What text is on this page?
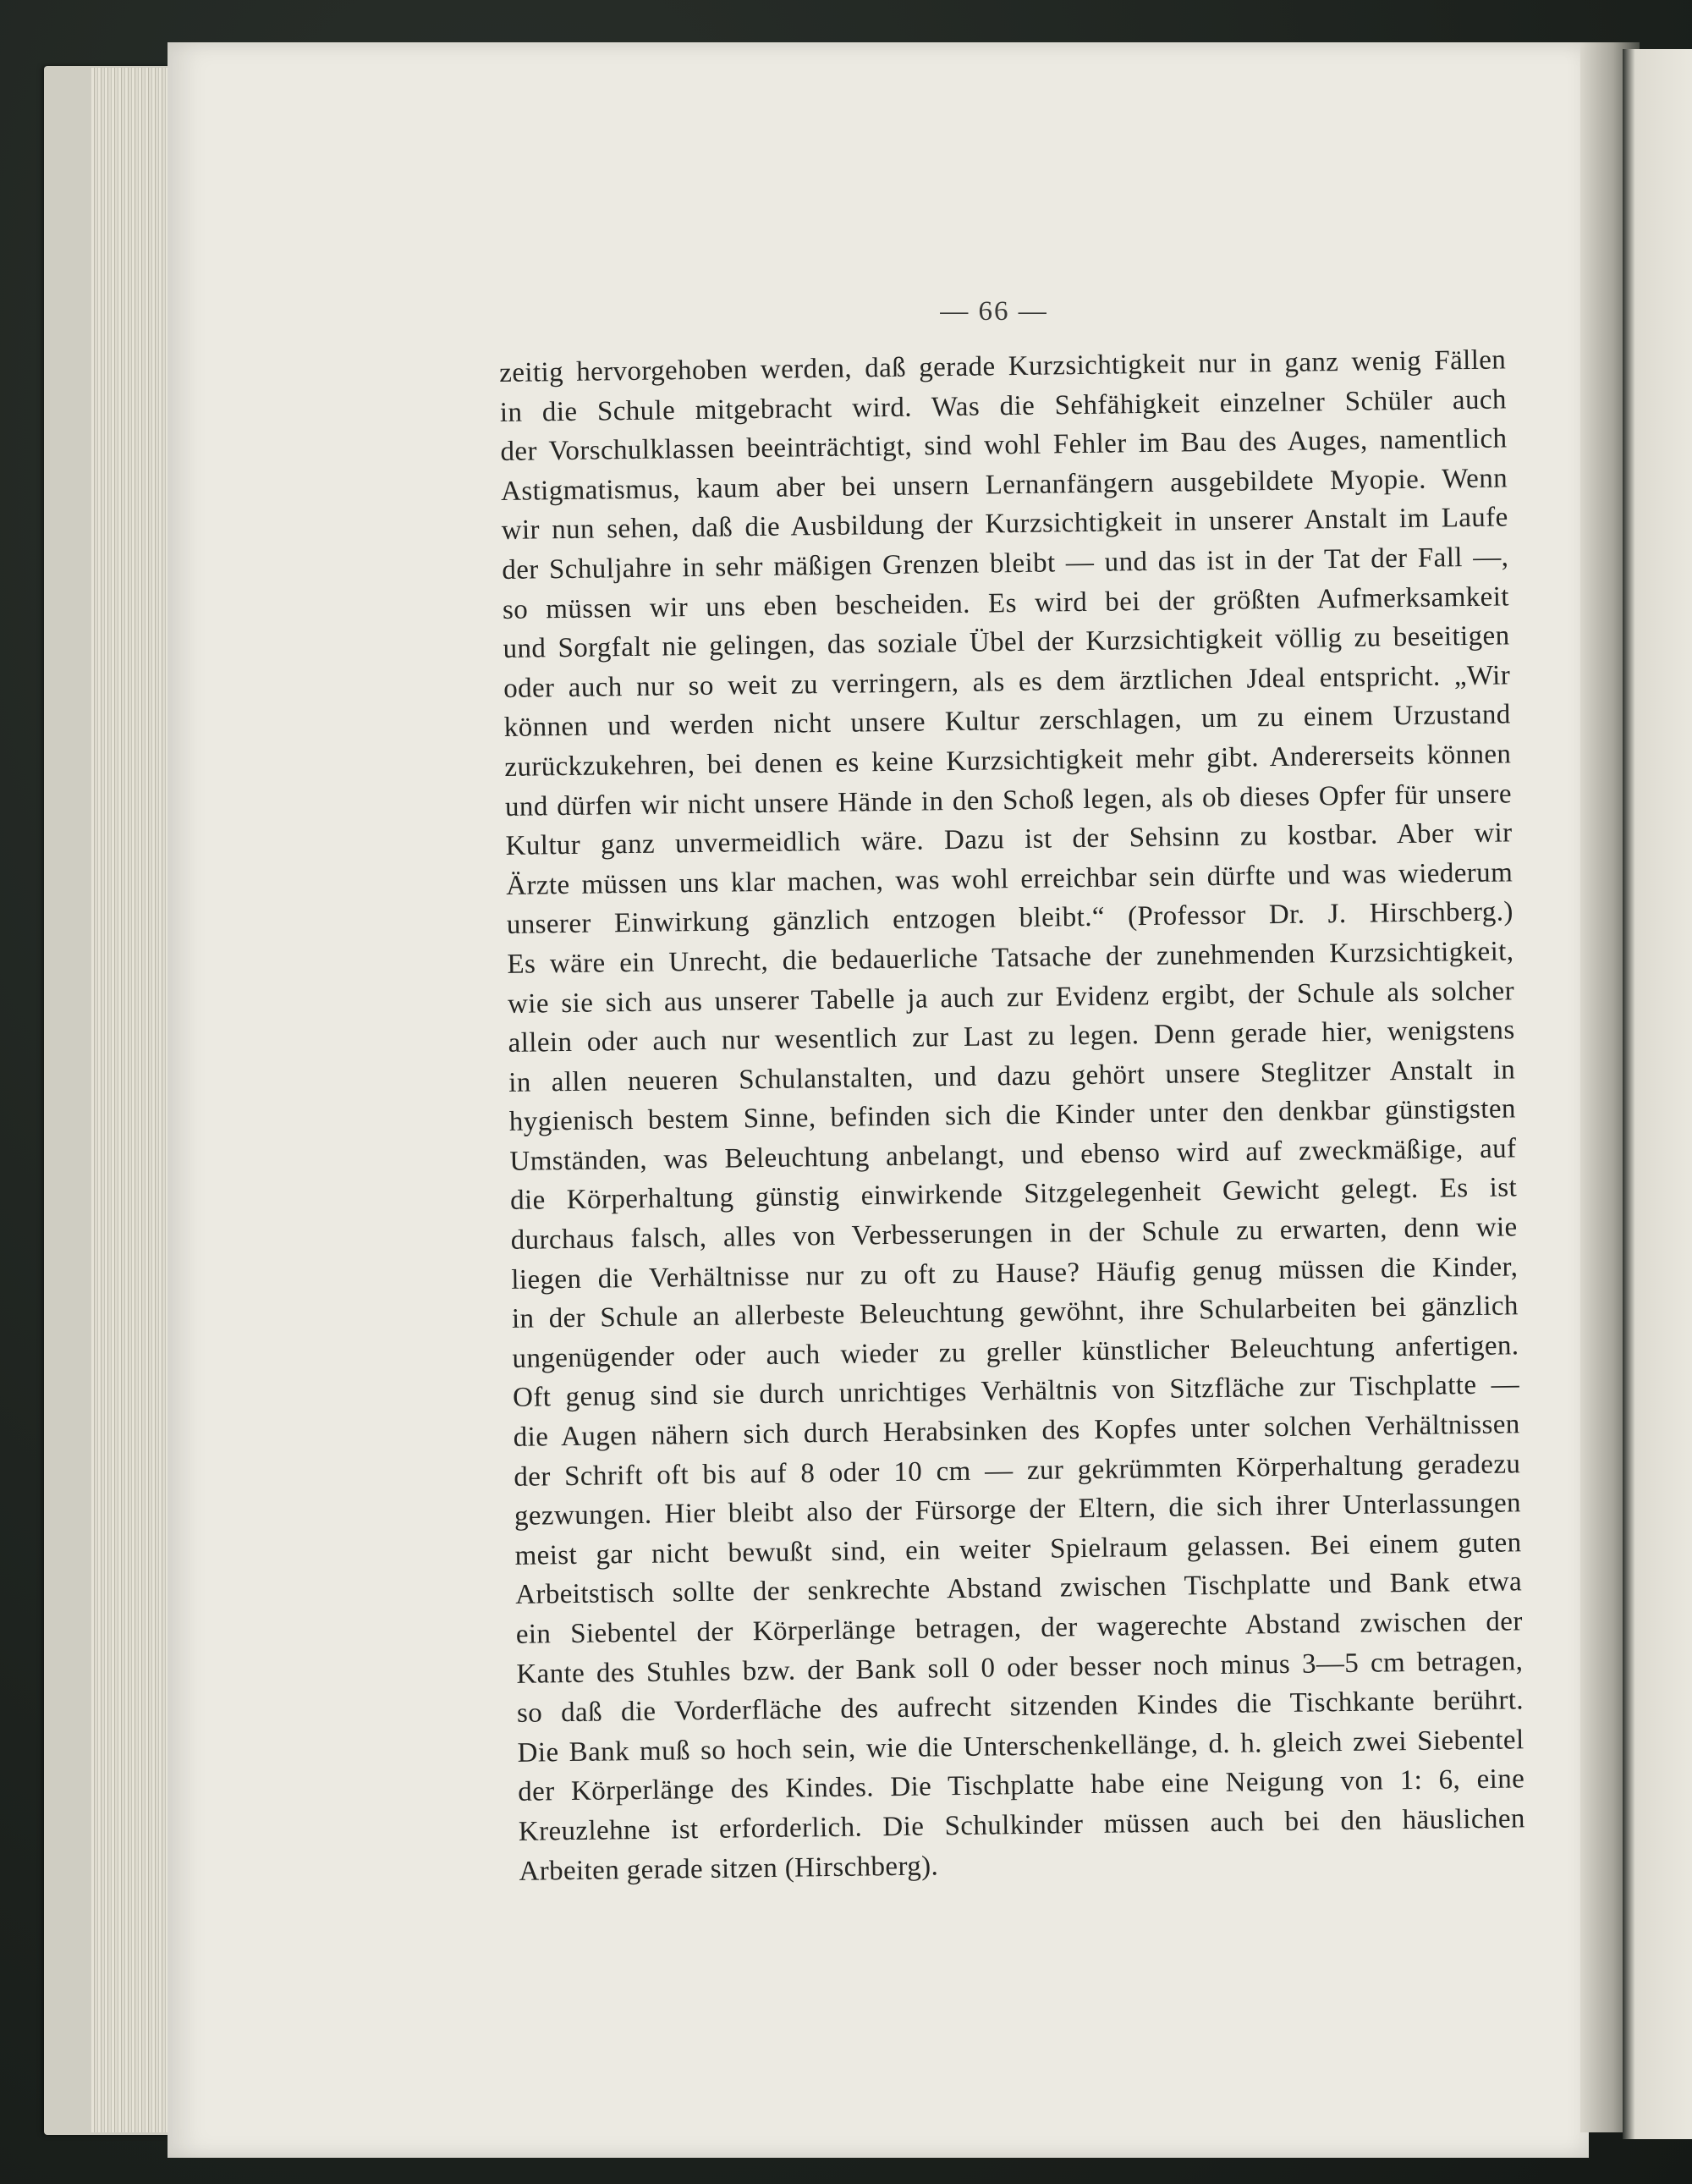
— 66 —
zeitig hervorgehoben werden, daß gerade Kurzsichtigkeit nur in ganz wenig Fällen
in die Schule mitgebracht wird. Was die Sehfähigkeit einzelner Schüler auch
der Vorschulklassen beeinträchtigt, sind wohl Fehler im Bau des Auges, namentlich
Astigmatismus, kaum aber bei unsern Lernanfängern ausgebildete Myopie. Wenn
wir nun sehen, daß die Ausbildung der Kurzsichtigkeit in unserer Anstalt im Laufe
der Schuljahre in sehr mäßigen Grenzen bleibt — und das ist in der Tat der Fall —,
so müssen wir uns eben bescheiden. Es wird bei der größten Aufmerksamkeit
und Sorgfalt nie gelingen, das soziale Übel der Kurzsichtigkeit völlig zu beseitigen
oder auch nur so weit zu verringern, als es dem ärztlichen Jdeal entspricht. „Wir
können und werden nicht unsere Kultur zerschlagen, um zu einem Urzustand
zurückzukehren, bei denen es keine Kurzsichtigkeit mehr gibt. Andererseits können
und dürfen wir nicht unsere Hände in den Schoß legen, als ob dieses Opfer für unsere
Kultur ganz unvermeidlich wäre. Dazu ist der Sehsinn zu kostbar. Aber wir
Ärzte müssen uns klar machen, was wohl erreichbar sein dürfte und was wiederum
unserer Einwirkung gänzlich entzogen bleibt.“ (Professor Dr. J. Hirschberg.)
Es wäre ein Unrecht, die bedauerliche Tatsache der zunehmenden Kurzsichtigkeit,
wie sie sich aus unserer Tabelle ja auch zur Evidenz ergibt, der Schule als solcher
allein oder auch nur wesentlich zur Last zu legen. Denn gerade hier, wenigstens
in allen neueren Schulanstalten, und dazu gehört unsere Steglitzer Anstalt in
hygienisch bestem Sinne, befinden sich die Kinder unter den denkbar günstigsten
Umständen, was Beleuchtung anbelangt, und ebenso wird auf zweckmäßige, auf
die Körperhaltung günstig einwirkende Sitzgelegenheit Gewicht gelegt. Es ist
durchaus falsch, alles von Verbesserungen in der Schule zu erwarten, denn wie
liegen die Verhältnisse nur zu oft zu Hause? Häufig genug müssen die Kinder,
in der Schule an allerbeste Beleuchtung gewöhnt, ihre Schularbeiten bei gänzlich
ungenügender oder auch wieder zu greller künstlicher Beleuchtung anfertigen.
Oft genug sind sie durch unrichtiges Verhältnis von Sitzfläche zur Tischplatte —
die Augen nähern sich durch Herabsinken des Kopfes unter solchen Verhältnissen
der Schrift oft bis auf 8 oder 10 cm — zur gekrümmten Körperhaltung geradezu
gezwungen. Hier bleibt also der Fürsorge der Eltern, die sich ihrer Unterlassungen
meist gar nicht bewußt sind, ein weiter Spielraum gelassen. Bei einem guten
Arbeitstisch sollte der senkrechte Abstand zwischen Tischplatte und Bank etwa
ein Siebentel der Körperlänge betragen, der wagerechte Abstand zwischen der
Kante des Stuhles bzw. der Bank soll 0 oder besser noch minus 3—5 cm betragen,
so daß die Vorderfläche des aufrecht sitzenden Kindes die Tischkante berührt.
Die Bank muß so hoch sein, wie die Unterschenkellänge, d. h. gleich zwei Siebentel
der Körperlänge des Kindes. Die Tischplatte habe eine Neigung von 1: 6, eine
Kreuzlehne ist erforderlich. Die Schulkinder müssen auch bei den häuslichen
Arbeiten gerade sitzen (Hirschberg).
